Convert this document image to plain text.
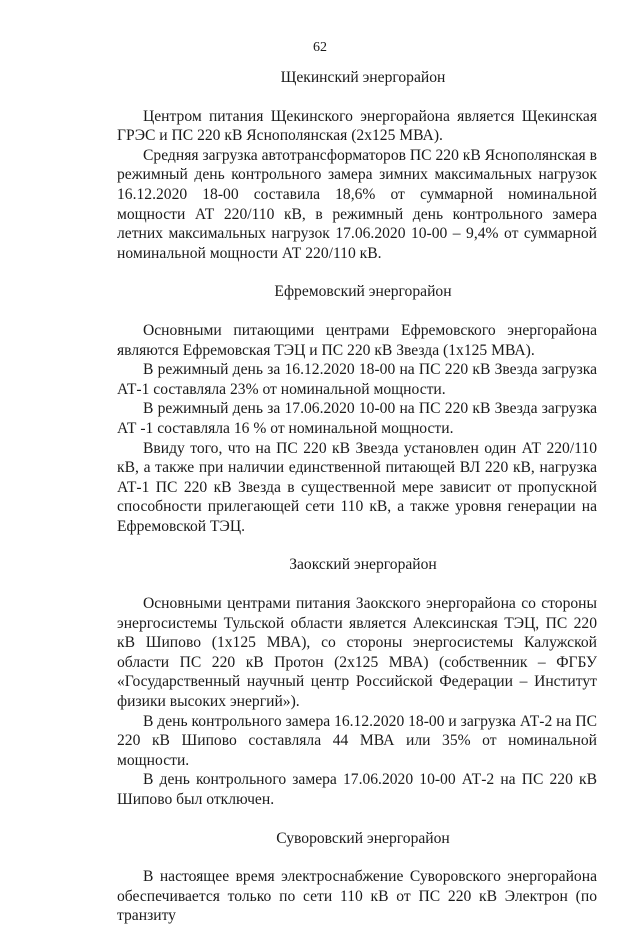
62

Щекинский энергорайон

Центром питания Щекинского энергорайона является Щекинская ГРЭС и ПС 220 кВ Яснополянская (2х125 МВА).

Средняя загрузка автотрансформаторов ПС 220 кВ Яснополянская в режимный день контрольного замера зимних максимальных нагрузок 16.12.2020 18-00 составила 18,6% от суммарной номинальной мощности АТ 220/110 кВ, в режимный день контрольного замера летних максимальных нагрузок 17.06.2020 10-00 – 9,4% от суммарной номинальной мощности АТ 220/110 кВ.

Ефремовский энергорайон

Основными питающими центрами Ефремовского энергорайона являются Ефремовская ТЭЦ и ПС 220 кВ Звезда (1х125 МВА).

В режимный день за 16.12.2020 18-00 на ПС 220 кВ Звезда загрузка АТ-1 составляла 23% от номинальной мощности.

В режимный день за 17.06.2020 10-00 на ПС 220 кВ Звезда загрузка АТ -1 составляла 16 % от номинальной мощности.

Ввиду того, что на ПС 220 кВ Звезда установлен один АТ 220/110 кВ, а также при наличии единственной питающей ВЛ 220 кВ, нагрузка АТ-1 ПС 220 кВ Звезда в существенной мере зависит от пропускной способности прилегающей сети 110 кВ, а также уровня генерации на Ефремовской ТЭЦ.

Заокский энергорайон

Основными центрами питания Заокского энергорайона со стороны энергосистемы Тульской области является Алексинская ТЭЦ, ПС 220 кВ Шипово (1х125 МВА), со стороны энергосистемы Калужской области ПС 220 кВ Протон (2х125 МВА) (собственник – ФГБУ «Государственный научный центр Российской Федерации – Институт физики высоких энергий»).

В день контрольного замера 16.12.2020 18-00 и загрузка АТ-2 на ПС 220 кВ Шипово составляла 44 МВА или 35% от номинальной мощности.

В день контрольного замера 17.06.2020 10-00 АТ-2 на ПС 220 кВ Шипово был отключен.

Суворовский энергорайон

В настоящее время электроснабжение Суворовского энергорайона обеспечивается только по сети 110 кВ от ПС 220 кВ Электрон (по транзиту
